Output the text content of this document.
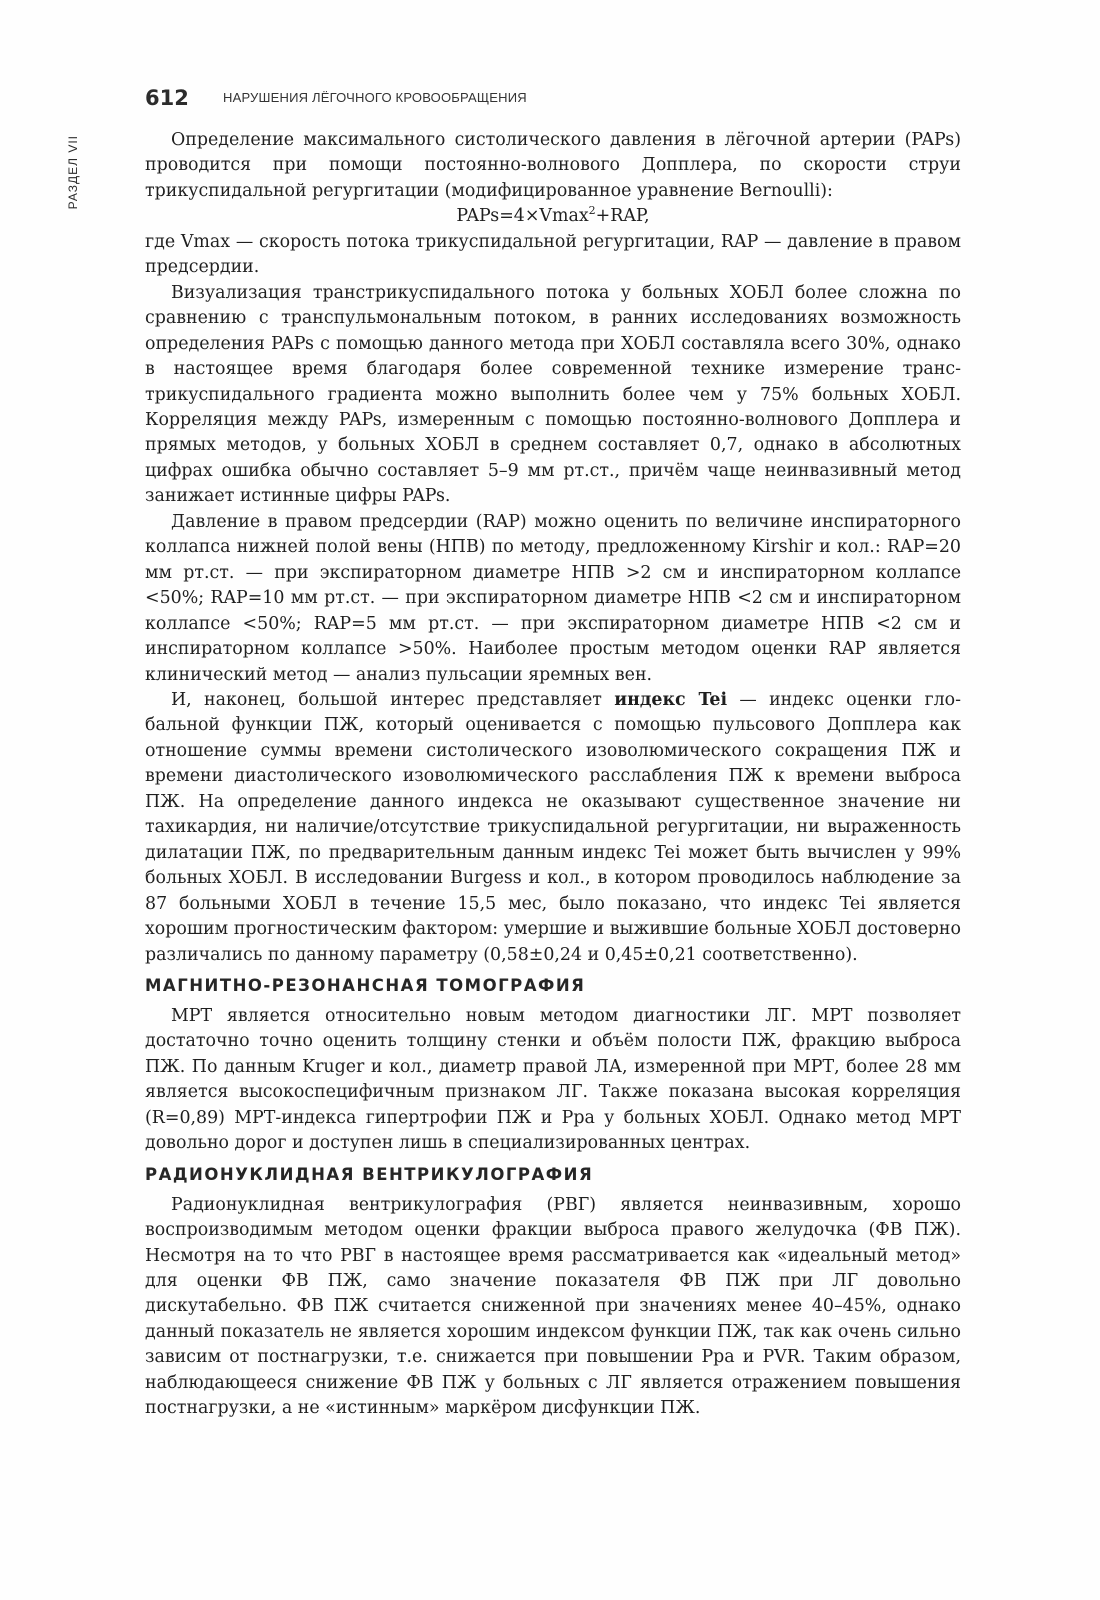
РАЗДЕЛ VII
612	НАРУШЕНИЯ ЛЁГОЧНОГО КРОВООБРАЩЕНИЯ

Определение максимального систолического давления в лёгочной артерии (PAPs) проводится при помощи постоянно-волнового Допплера, по скорости струи трикуспидальной регургитации (модифицированное уравнение Bernoulli):

PAPs=4×Vmax$^2$+RAP,

где Vmax — скорость потока трикуспидальной регургитации, RAP — давление в правом предсердии.

Визуализация транстрикуспидального потока у больных ХОБЛ более сложна по сравнению с транспульмональным потоком, в ранних исследованиях возможность определения PAPs с помощью данного метода при ХОБЛ составляла всего 30%, однако в настоящее время благодаря более современной технике измерение транстрикуспидального градиента можно выполнить более чем у 75% больных ХОБЛ. Корреляция между PAPs, измеренным с помощью постоянно-волнового Допплера и прямых методов, у больных ХОБЛ в среднем составляет 0,7, однако в абсолютных цифрах ошибка обычно составляет 5–9 мм рт.ст., причём чаще неинвазивный метод занижает истинные цифры PAPs.

Давление в правом предсердии (RAP) можно оценить по величине инспираторного коллапса нижней полой вены (НПВ) по методу, предложенному Kirshir и кол.: RAP=20 мм рт.ст. — при экспираторном диаметре НПВ >2 см и инспираторном коллапсе <50%; RAP=10 мм рт.ст. — при экспираторном диаметре НПВ <2 см и инспираторном коллапсе <50%; RAP=5 мм рт.ст. — при экспираторном диаметре НПВ <2 см и инспираторном коллапсе >50%. Наиболее простым методом оценки RAP является клинический метод — анализ пульсации яремных вен.

И, наконец, большой интерес представляет индекс Tei — индекс оценки глобальной функции ПЖ, который оценивается с помощью пульсового Допплера как отношение суммы времени систолического изоволюмического сокращения ПЖ и времени диастолического изоволюмического расслабления ПЖ к времени выброса ПЖ. На определение данного индекса не оказывают существенное значение ни тахикардия, ни наличие/отсутствие трикуспидальной регургитации, ни выраженность дилатации ПЖ, по предварительным данным индекс Tei может быть вычислен у 99% больных ХОБЛ. В исследовании Burgess и кол., в котором проводилось наблюдение за 87 больными ХОБЛ в течение 15,5 мес, было показано, что индекс Tei является хорошим прогностическим фактором: умершие и выжившие больные ХОБЛ достоверно различались по данному параметру (0,58±0,24 и 0,45±0,21 соответственно).

МАГНИТНО-РЕЗОНАНСНАЯ ТОМОГРАФИЯ

МРТ является относительно новым методом диагностики ЛГ. МРТ позволяет достаточно точно оценить толщину стенки и объём полости ПЖ, фракцию выброса ПЖ. По данным Kruger и кол., диаметр правой ЛА, измеренной при МРТ, более 28 мм является высокоспецифичным признаком ЛГ. Также показана высокая корреляция (R=0,89) МРТ-индекса гипертрофии ПЖ и Ppa у больных ХОБЛ. Однако метод МРТ довольно дорог и доступен лишь в специализированных центрах.

РАДИОНУКЛИДНАЯ ВЕНТРИКУЛОГРАФИЯ

Радионуклидная вентрикулография (РВГ) является неинвазивным, хорошо воспроизводимым методом оценки фракции выброса правого желудочка (ФВ ПЖ). Несмотря на то что РВГ в настоящее время рассматривается как «идеальный метод» для оценки ФВ ПЖ, само значение показателя ФВ ПЖ при ЛГ довольно дискутабельно. ФВ ПЖ считается сниженной при значениях менее 40–45%, однако данный показатель не является хорошим индексом функции ПЖ, так как очень сильно зависим от постнагрузки, т.е. снижается при повышении Ppa и PVR. Таким образом, наблюдающееся снижение ФВ ПЖ у больных с ЛГ является отражением повышения постнагрузки, а не «истинным» маркёром дисфункции ПЖ.
